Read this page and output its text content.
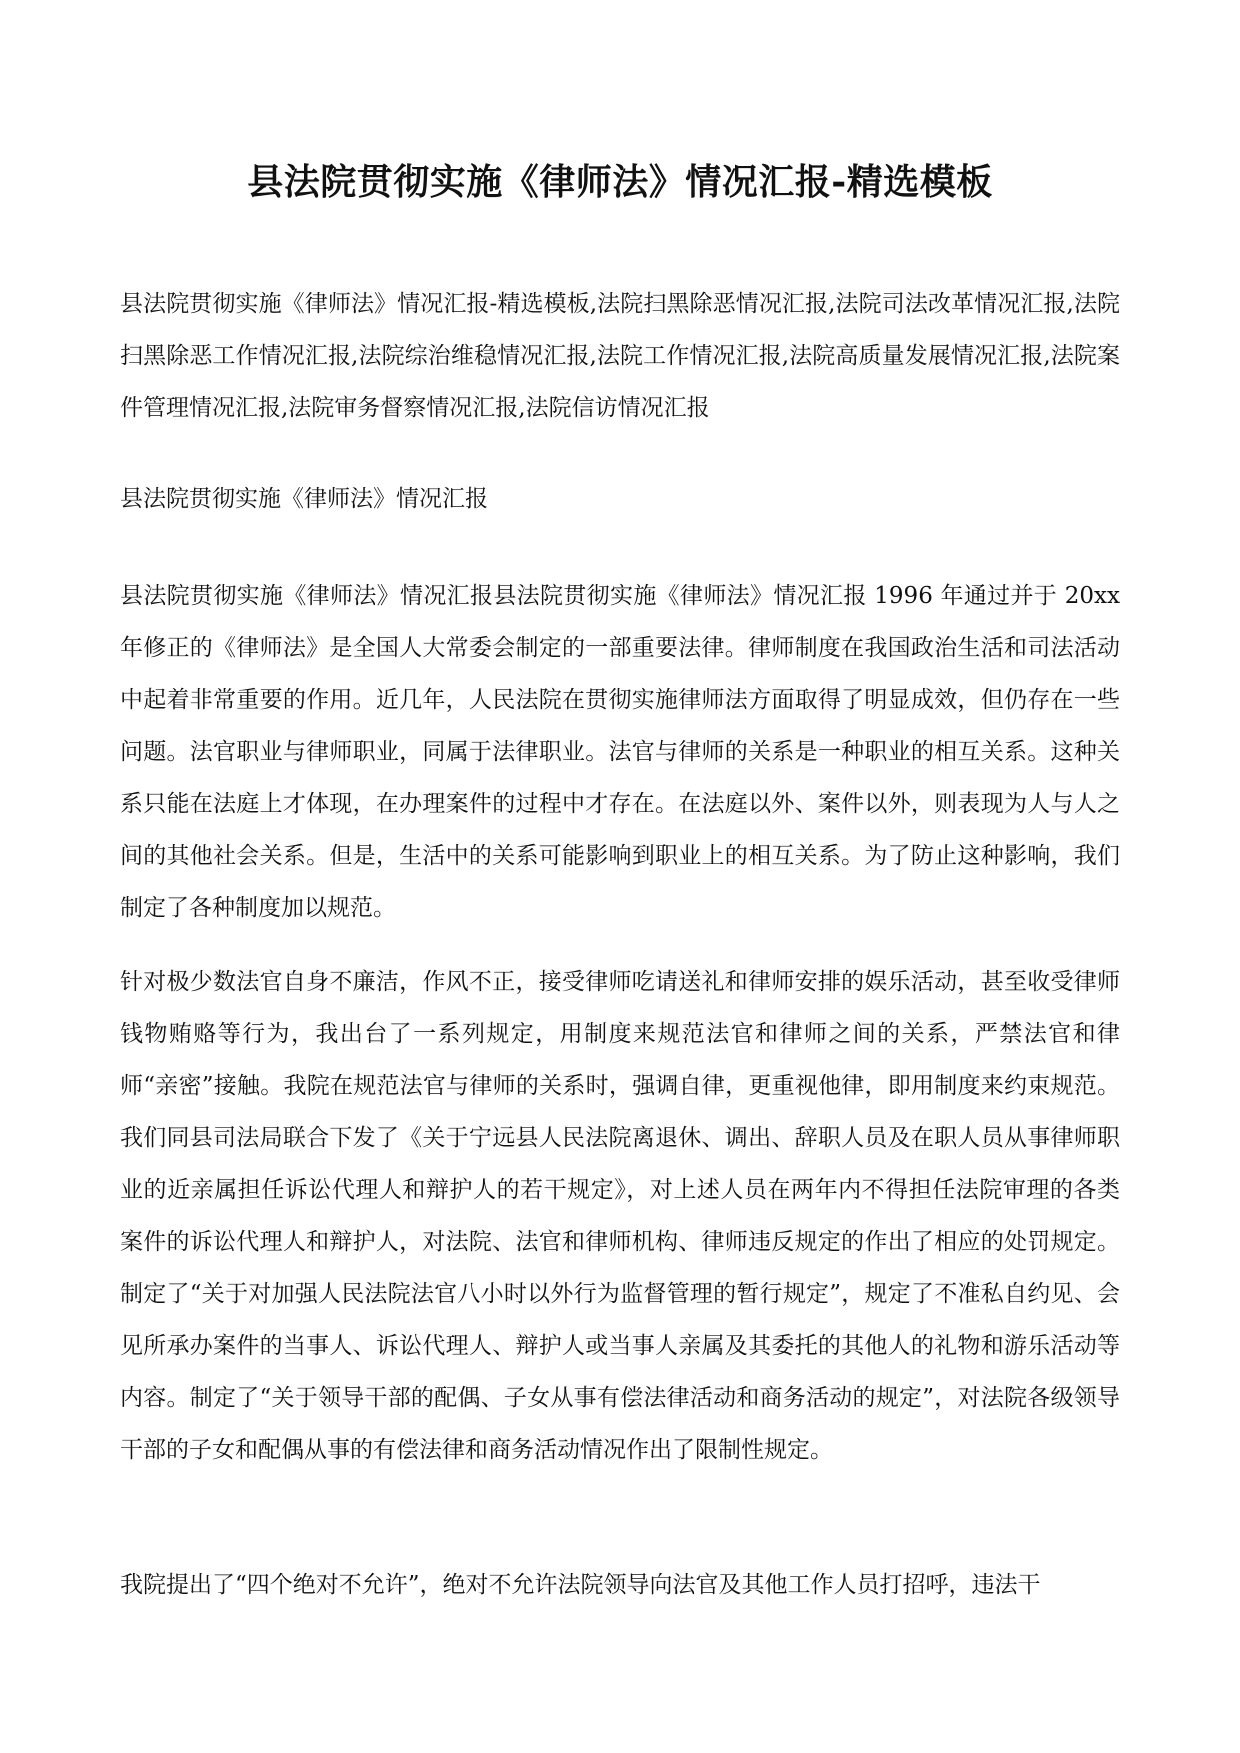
县法院贯彻实施《律师法》情况汇报-精选模板

县法院贯彻实施《律师法》情况汇报-精选模板,法院扫黑除恶情况汇报,法院司法改革情况汇报,法院扫黑除恶工作情况汇报,法院综治维稳情况汇报,法院工作情况汇报,法院高质量发展情况汇报,法院案件管理情况汇报,法院审务督察情况汇报,法院信访情况汇报

县法院贯彻实施《律师法》情况汇报

县法院贯彻实施《律师法》情况汇报县法院贯彻实施《律师法》情况汇报 1996 年通过并于 20xx 年修正的《律师法》是全国人大常委会制定的一部重要法律。律师制度在我国政治生活和司法活动中起着非常重要的作用。近几年，人民法院在贯彻实施律师法方面取得了明显成效，但仍存在一些问题。法官职业与律师职业，同属于法律职业。法官与律师的关系是一种职业的相互关系。这种关系只能在法庭上才体现，在办理案件的过程中才存在。在法庭以外、案件以外，则表现为人与人之间的其他社会关系。但是，生活中的关系可能影响到职业上的相互关系。为了防止这种影响，我们制定了各种制度加以规范。

针对极少数法官自身不廉洁，作风不正，接受律师吃请送礼和律师安排的娱乐活动，甚至收受律师钱物贿赂等行为，我出台了一系列规定，用制度来规范法官和律师之间的关系，严禁法官和律师“亲密”接触。我院在规范法官与律师的关系时，强调自律，更重视他律，即用制度来约束规范。我们同县司法局联合下发了《关于宁远县人民法院离退休、调出、辞职人员及在职人员从事律师职业的近亲属担任诉讼代理人和辩护人的若干规定》，对上述人员在两年内不得担任法院审理的各类案件的诉讼代理人和辩护人，对法院、法官和律师机构、律师违反规定的作出了相应的处罚规定。制定了“关于对加强人民法院法官八小时以外行为监督管理的暂行规定”，规定了不准私自约见、会见所承办案件的当事人、诉讼代理人、辩护人或当事人亲属及其委托的其他人的礼物和游乐活动等内容。制定了“关于领导干部的配偶、子女从事有偿法律活动和商务活动的规定”，对法院各级领导干部的子女和配偶从事的有偿法律和商务活动情况作出了限制性规定。

我院提出了“四个绝对不允许”，绝对不允许法院领导向法官及其他工作人员打招呼，违法干
